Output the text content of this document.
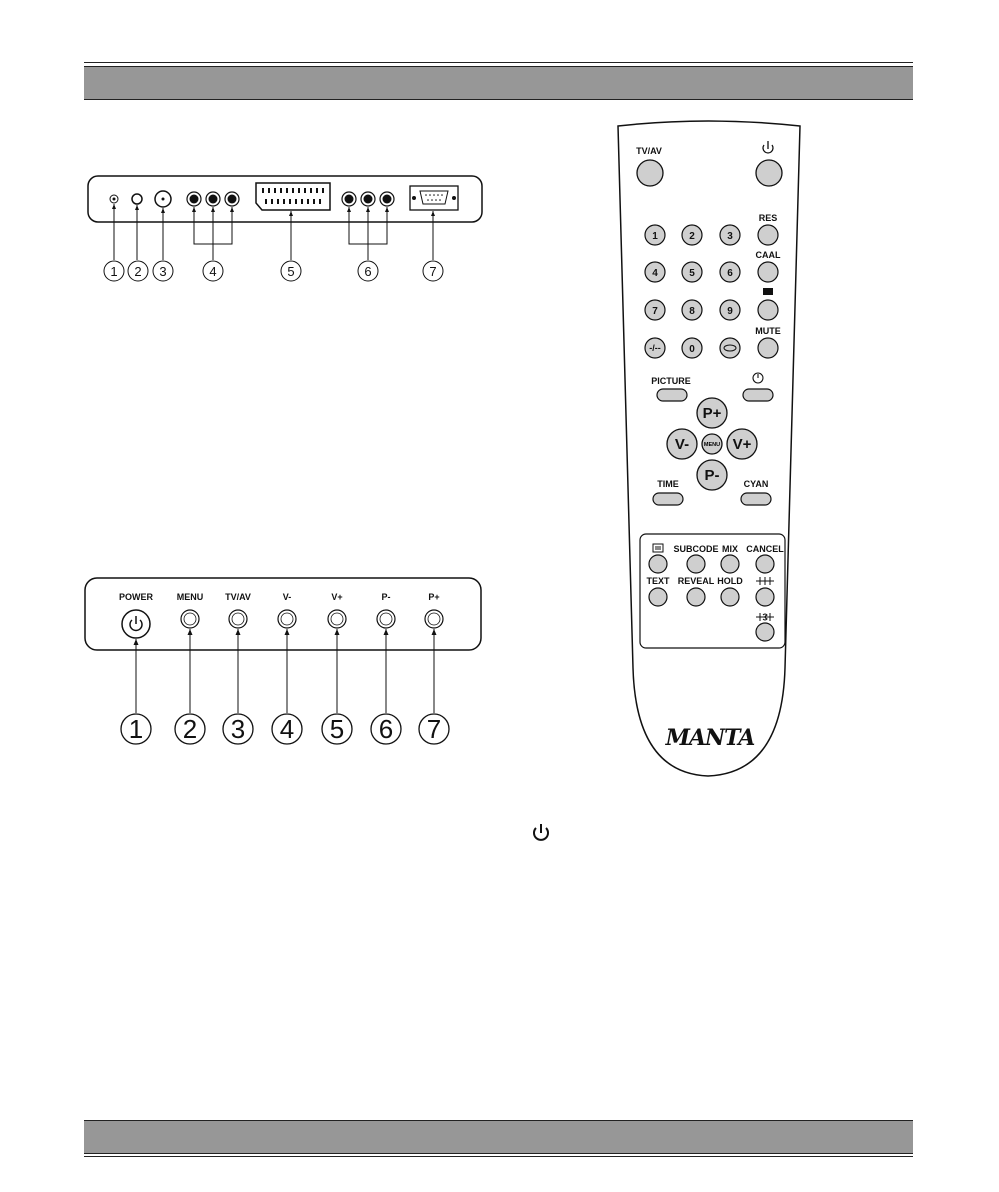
1 2 3	4	5	6	7
POWER	MENU TV/AV	V-	V+	P-	P+
1 2 3 4 5 6 7
TV/AV
1	2	3
4	5	6
7	8	9
-/--	0
RES
CAAL
MUTE
PICTURE
P+
P-
V-	V+
MENU
TIME	CYAN
SUBCODE MIX CANCEL
TEXT REVEAL HOLD
MANTA
